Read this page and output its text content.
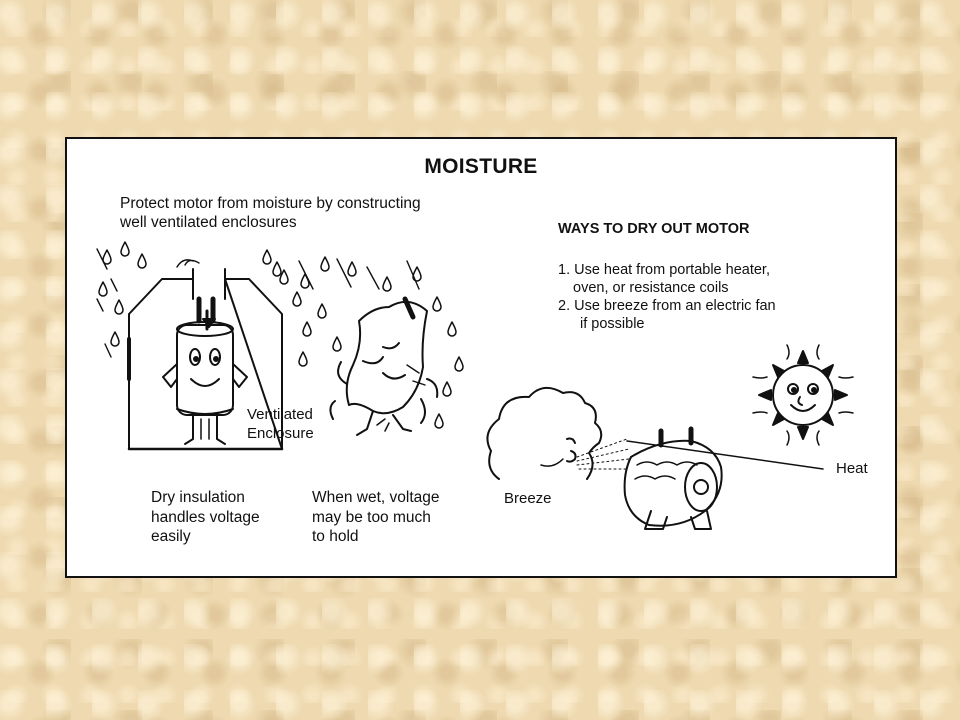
MOISTURE

Protect motor from moisture by constructing
well ventilated enclosures	WAYS TO DRY OUT MOTOR
1. Use heat from portable heater,
oven, or resistance coils
2. Use breeze from an electric fan
if possible
Ventilated
Enclosure
Dry insulation
handles voltage
easily
When wet, voltage
may be too much
to hold
Breeze
Heat
